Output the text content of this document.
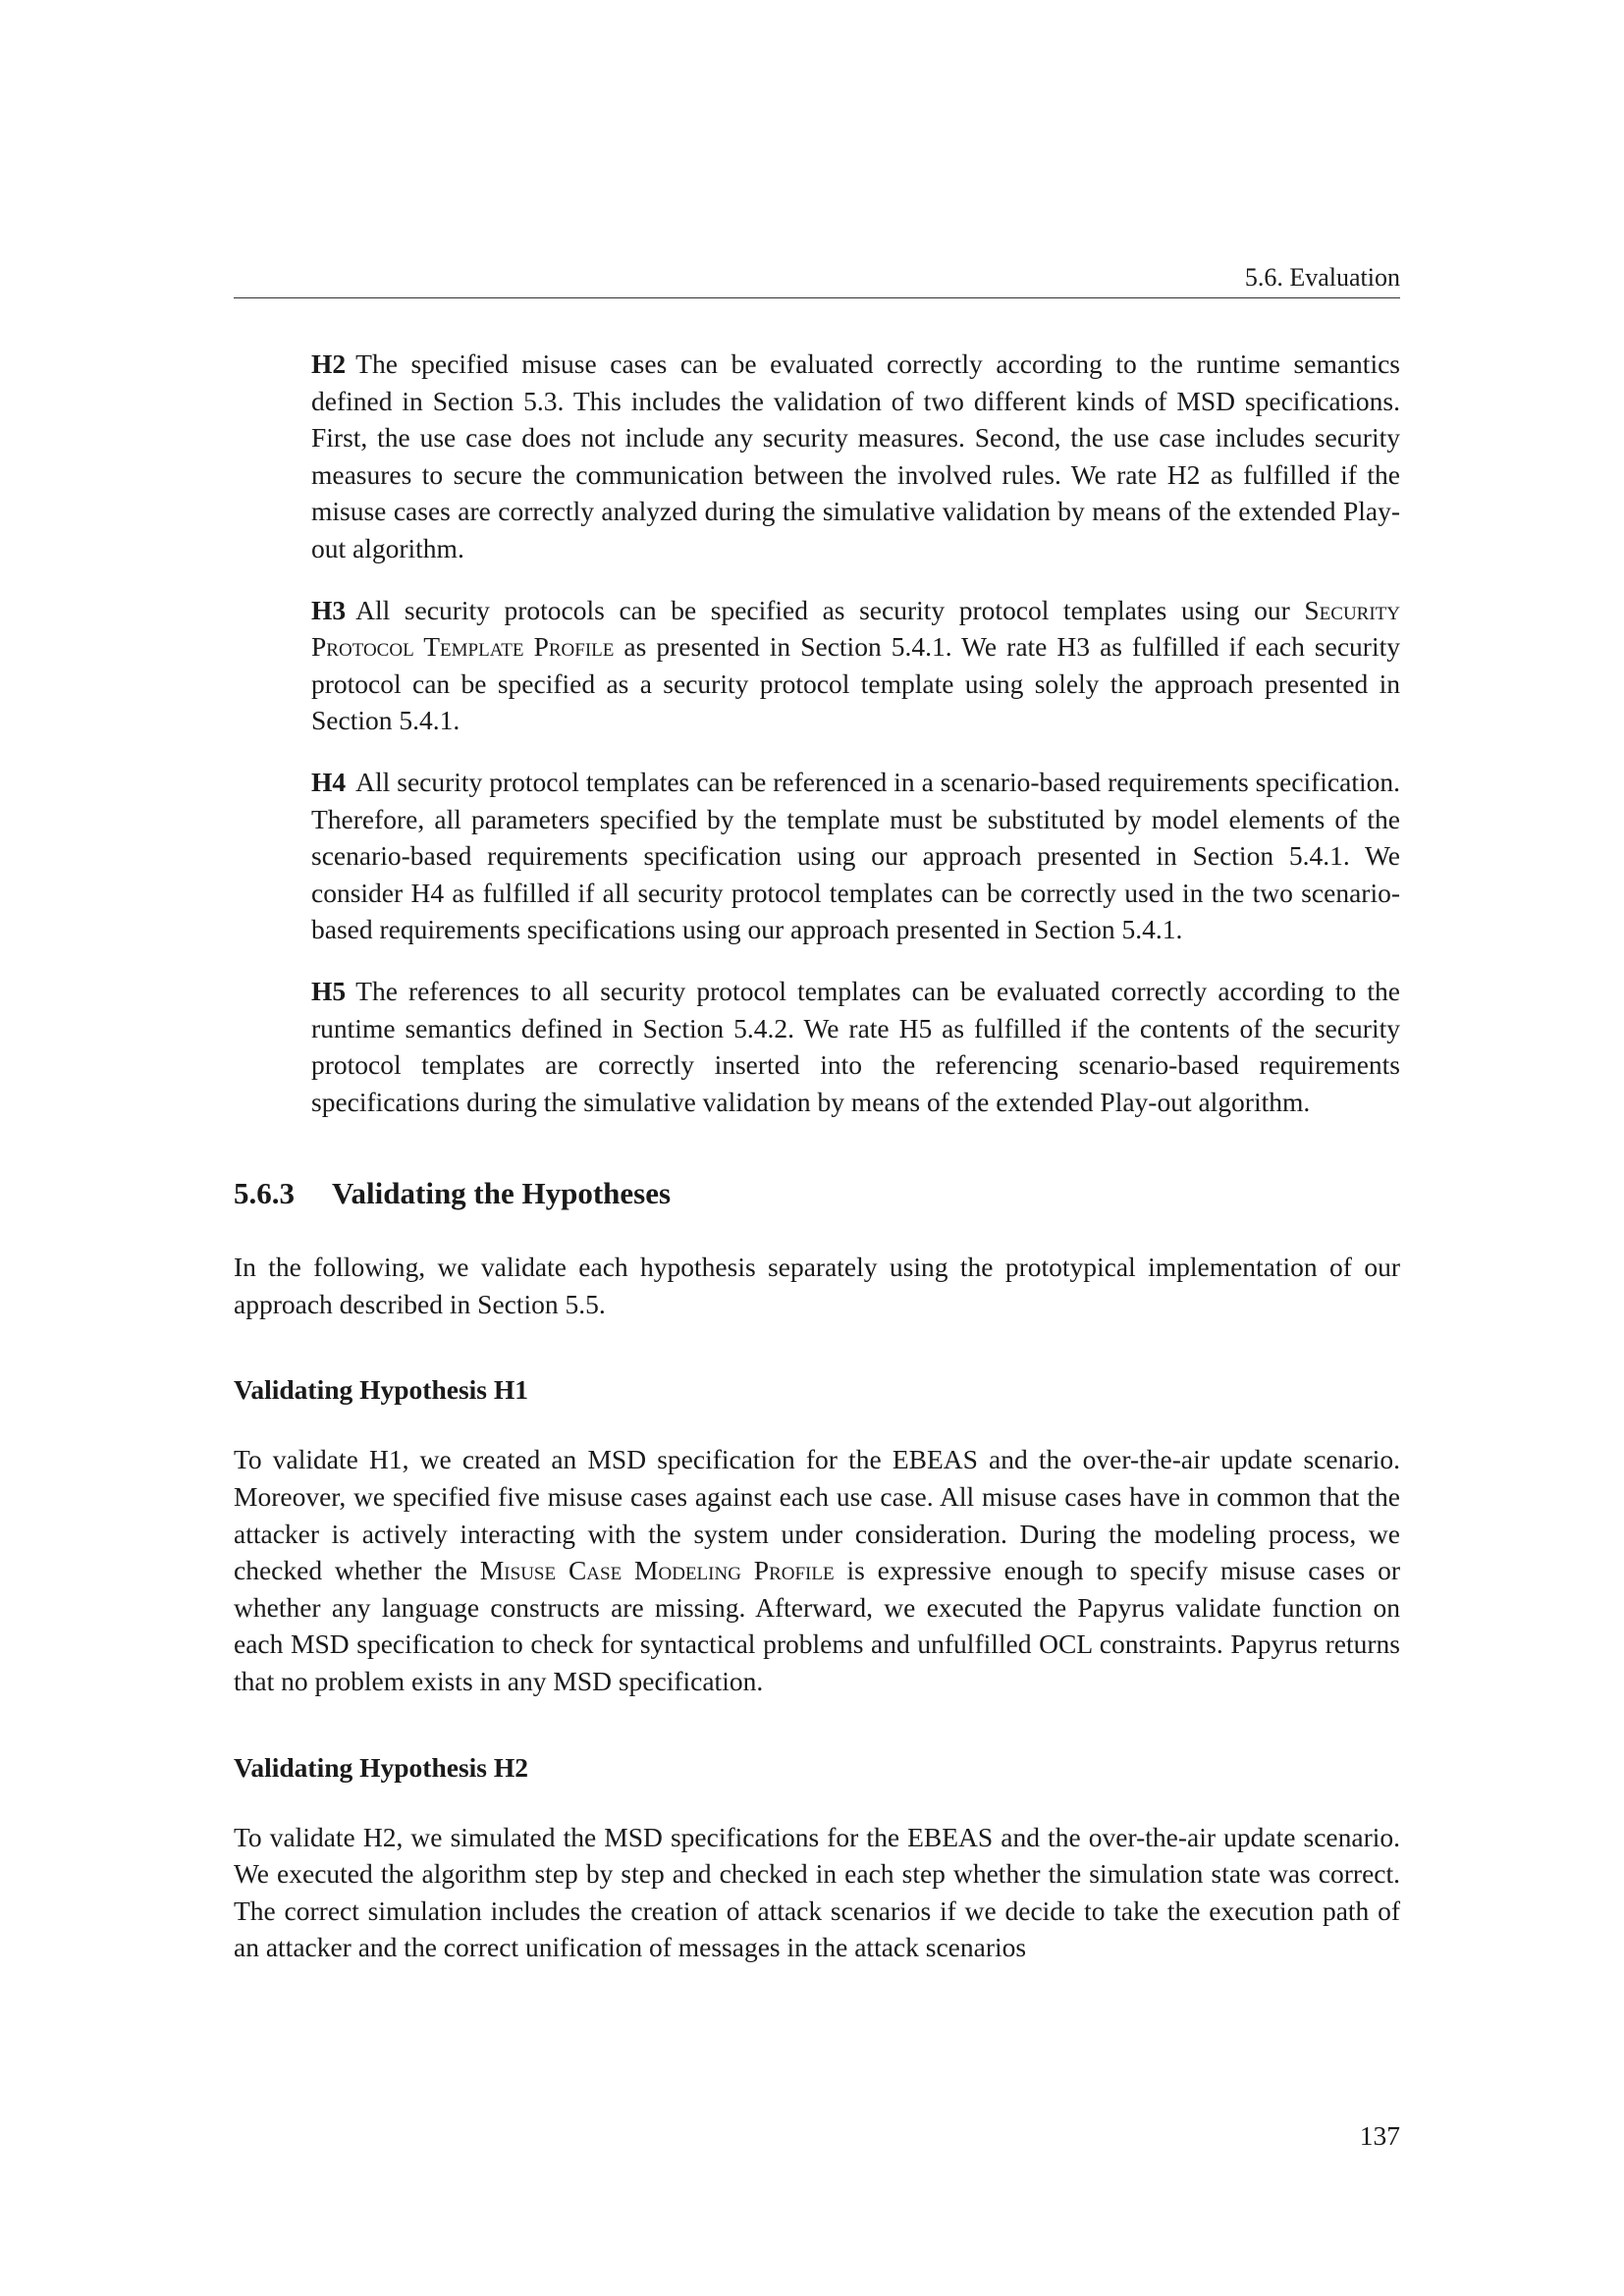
5.6. Evaluation
H2 The specified misuse cases can be evaluated correctly according to the runtime semantics defined in Section 5.3. This includes the validation of two different kinds of MSD specifications. First, the use case does not include any security measures. Second, the use case includes security measures to secure the communication between the involved rules. We rate H2 as fulfilled if the misuse cases are correctly analyzed during the simulative validation by means of the extended Play-out algorithm.
H3 All security protocols can be specified as security protocol templates using our Security Protocol Template Profile as presented in Section 5.4.1. We rate H3 as fulfilled if each security protocol can be specified as a security protocol template using solely the approach presented in Section 5.4.1.
H4 All security protocol templates can be referenced in a scenario-based requirements specification. Therefore, all parameters specified by the template must be substituted by model elements of the scenario-based requirements specification using our approach presented in Section 5.4.1. We consider H4 as fulfilled if all security protocol templates can be correctly used in the two scenario-based requirements specifications using our approach presented in Section 5.4.1.
H5 The references to all security protocol templates can be evaluated correctly according to the runtime semantics defined in Section 5.4.2. We rate H5 as fulfilled if the contents of the security protocol templates are correctly inserted into the referencing scenario-based requirements specifications during the simulative validation by means of the extended Play-out algorithm.
5.6.3 Validating the Hypotheses

In the following, we validate each hypothesis separately using the prototypical implementation of our approach described in Section 5.5.

Validating Hypothesis H1

To validate H1, we created an MSD specification for the EBEAS and the over-the-air update scenario. Moreover, we specified five misuse cases against each use case. All misuse cases have in common that the attacker is actively interacting with the system under consideration. During the modeling process, we checked whether the Misuse Case Modeling Profile is expressive enough to specify misuse cases or whether any language constructs are missing. Afterward, we executed the Papyrus validate function on each MSD specification to check for syntactical problems and unfulfilled OCL constraints. Papyrus returns that no problem exists in any MSD specification.

Validating Hypothesis H2

To validate H2, we simulated the MSD specifications for the EBEAS and the over-the-air update scenario. We executed the algorithm step by step and checked in each step whether the simulation state was correct. The correct simulation includes the creation of attack scenarios if we decide to take the execution path of an attacker and the correct unification of messages in the attack scenarios

137
